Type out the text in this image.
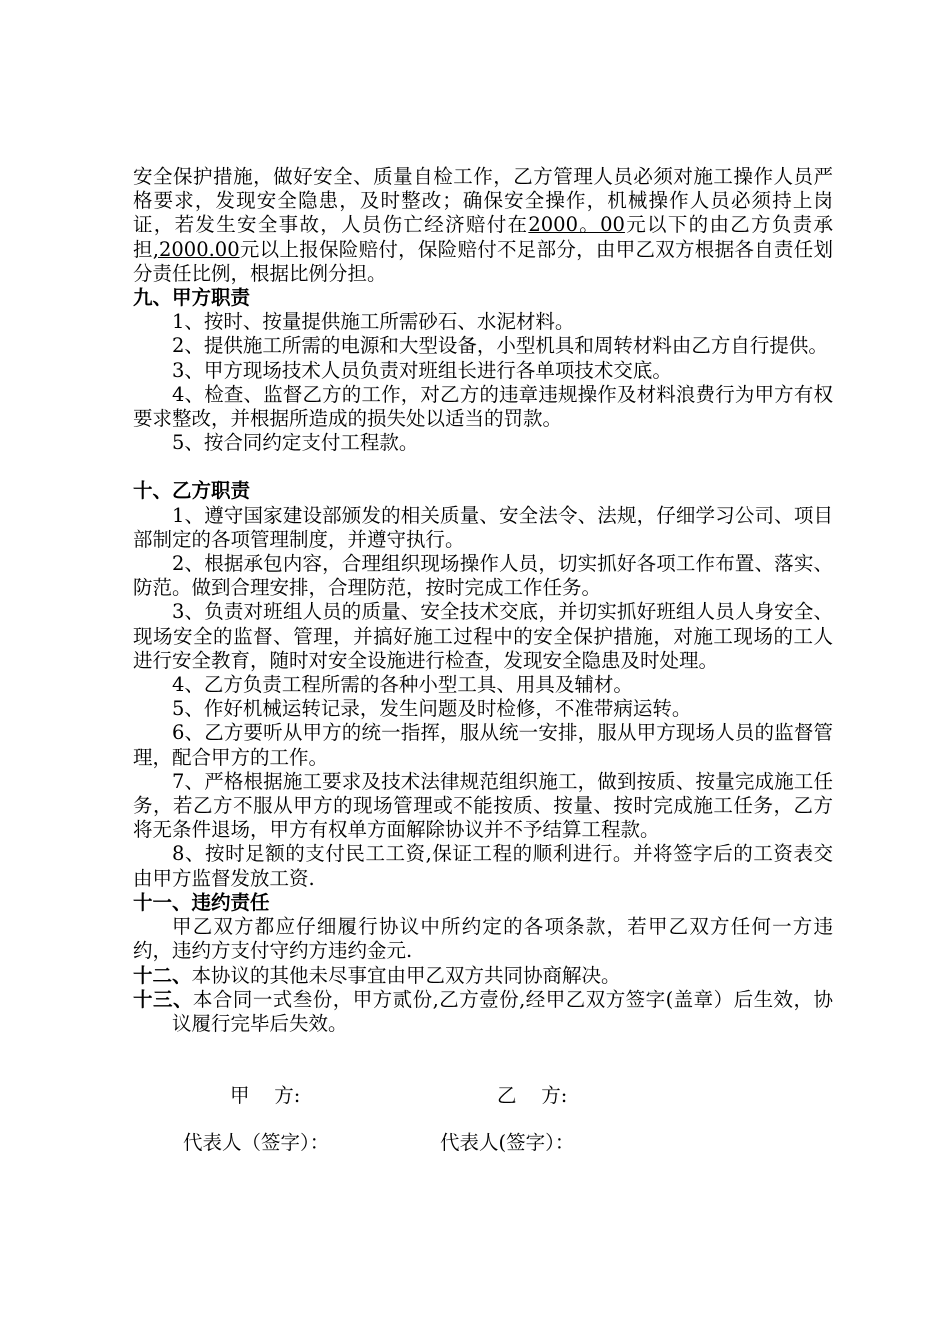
安全保护措施，做好安全、质量自检工作，乙方管理人员必须对施工操作人员严格要求，发现安全隐患，及时整改；确保安全操作，机械操作人员必须持上岗证，若发生安全事故，人员伤亡经济赔付在2000。00元以下的由乙方负责承担,2000.00元以上报保险赔付，保险赔付不足部分，由甲乙双方根据各自责任划分责任比例，根据比例分担。

九、甲方职责

1、按时、按量提供施工所需砂石、水泥材料。

2、提供施工所需的电源和大型设备，小型机具和周转材料由乙方自行提供。

3、甲方现场技术人员负责对班组长进行各单项技术交底。

4、检查、监督乙方的工作，对乙方的违章违规操作及材料浪费行为甲方有权要求整改，并根据所造成的损失处以适当的罚款。

5、按合同约定支付工程款。

十、乙方职责

1、遵守国家建设部颁发的相关质量、安全法令、法规，仔细学习公司、项目部制定的各项管理制度，并遵守执行。

2、根据承包内容，合理组织现场操作人员，切实抓好各项工作布置、落实、防范。做到合理安排，合理防范，按时完成工作任务。

3、负责对班组人员的质量、安全技术交底，并切实抓好班组人员人身安全、现场安全的监督、管理，并搞好施工过程中的安全保护措施，对施工现场的工人进行安全教育，随时对安全设施进行检查，发现安全隐患及时处理。

4、乙方负责工程所需的各种小型工具、用具及辅材。

5、作好机械运转记录，发生问题及时检修，不准带病运转。

6、乙方要听从甲方的统一指挥，服从统一安排，服从甲方现场人员的监督管理，配合甲方的工作。

7、严格根据施工要求及技术法律规范组织施工，做到按质、按量完成施工任务，若乙方不服从甲方的现场管理或不能按质、按量、按时完成施工任务，乙方将无条件退场，甲方有权单方面解除协议并不予结算工程款。

8、按时足额的支付民工工资,保证工程的顺利进行。并将签字后的工资表交由甲方监督发放工资.

十一、违约责任

甲乙双方都应仔细履行协议中所约定的各项条款，若甲乙双方任何一方违约，违约方支付守约方违约金元.

十二、本协议的其他未尽事宜由甲乙双方共同协商解决。

十三、本合同一式叁份，甲方贰份,乙方壹份,经甲乙双方签字(盖章）后生效，协议履行完毕后失效。

甲    方:	乙    方:
代表人（签字）：	代表人(签字）：
